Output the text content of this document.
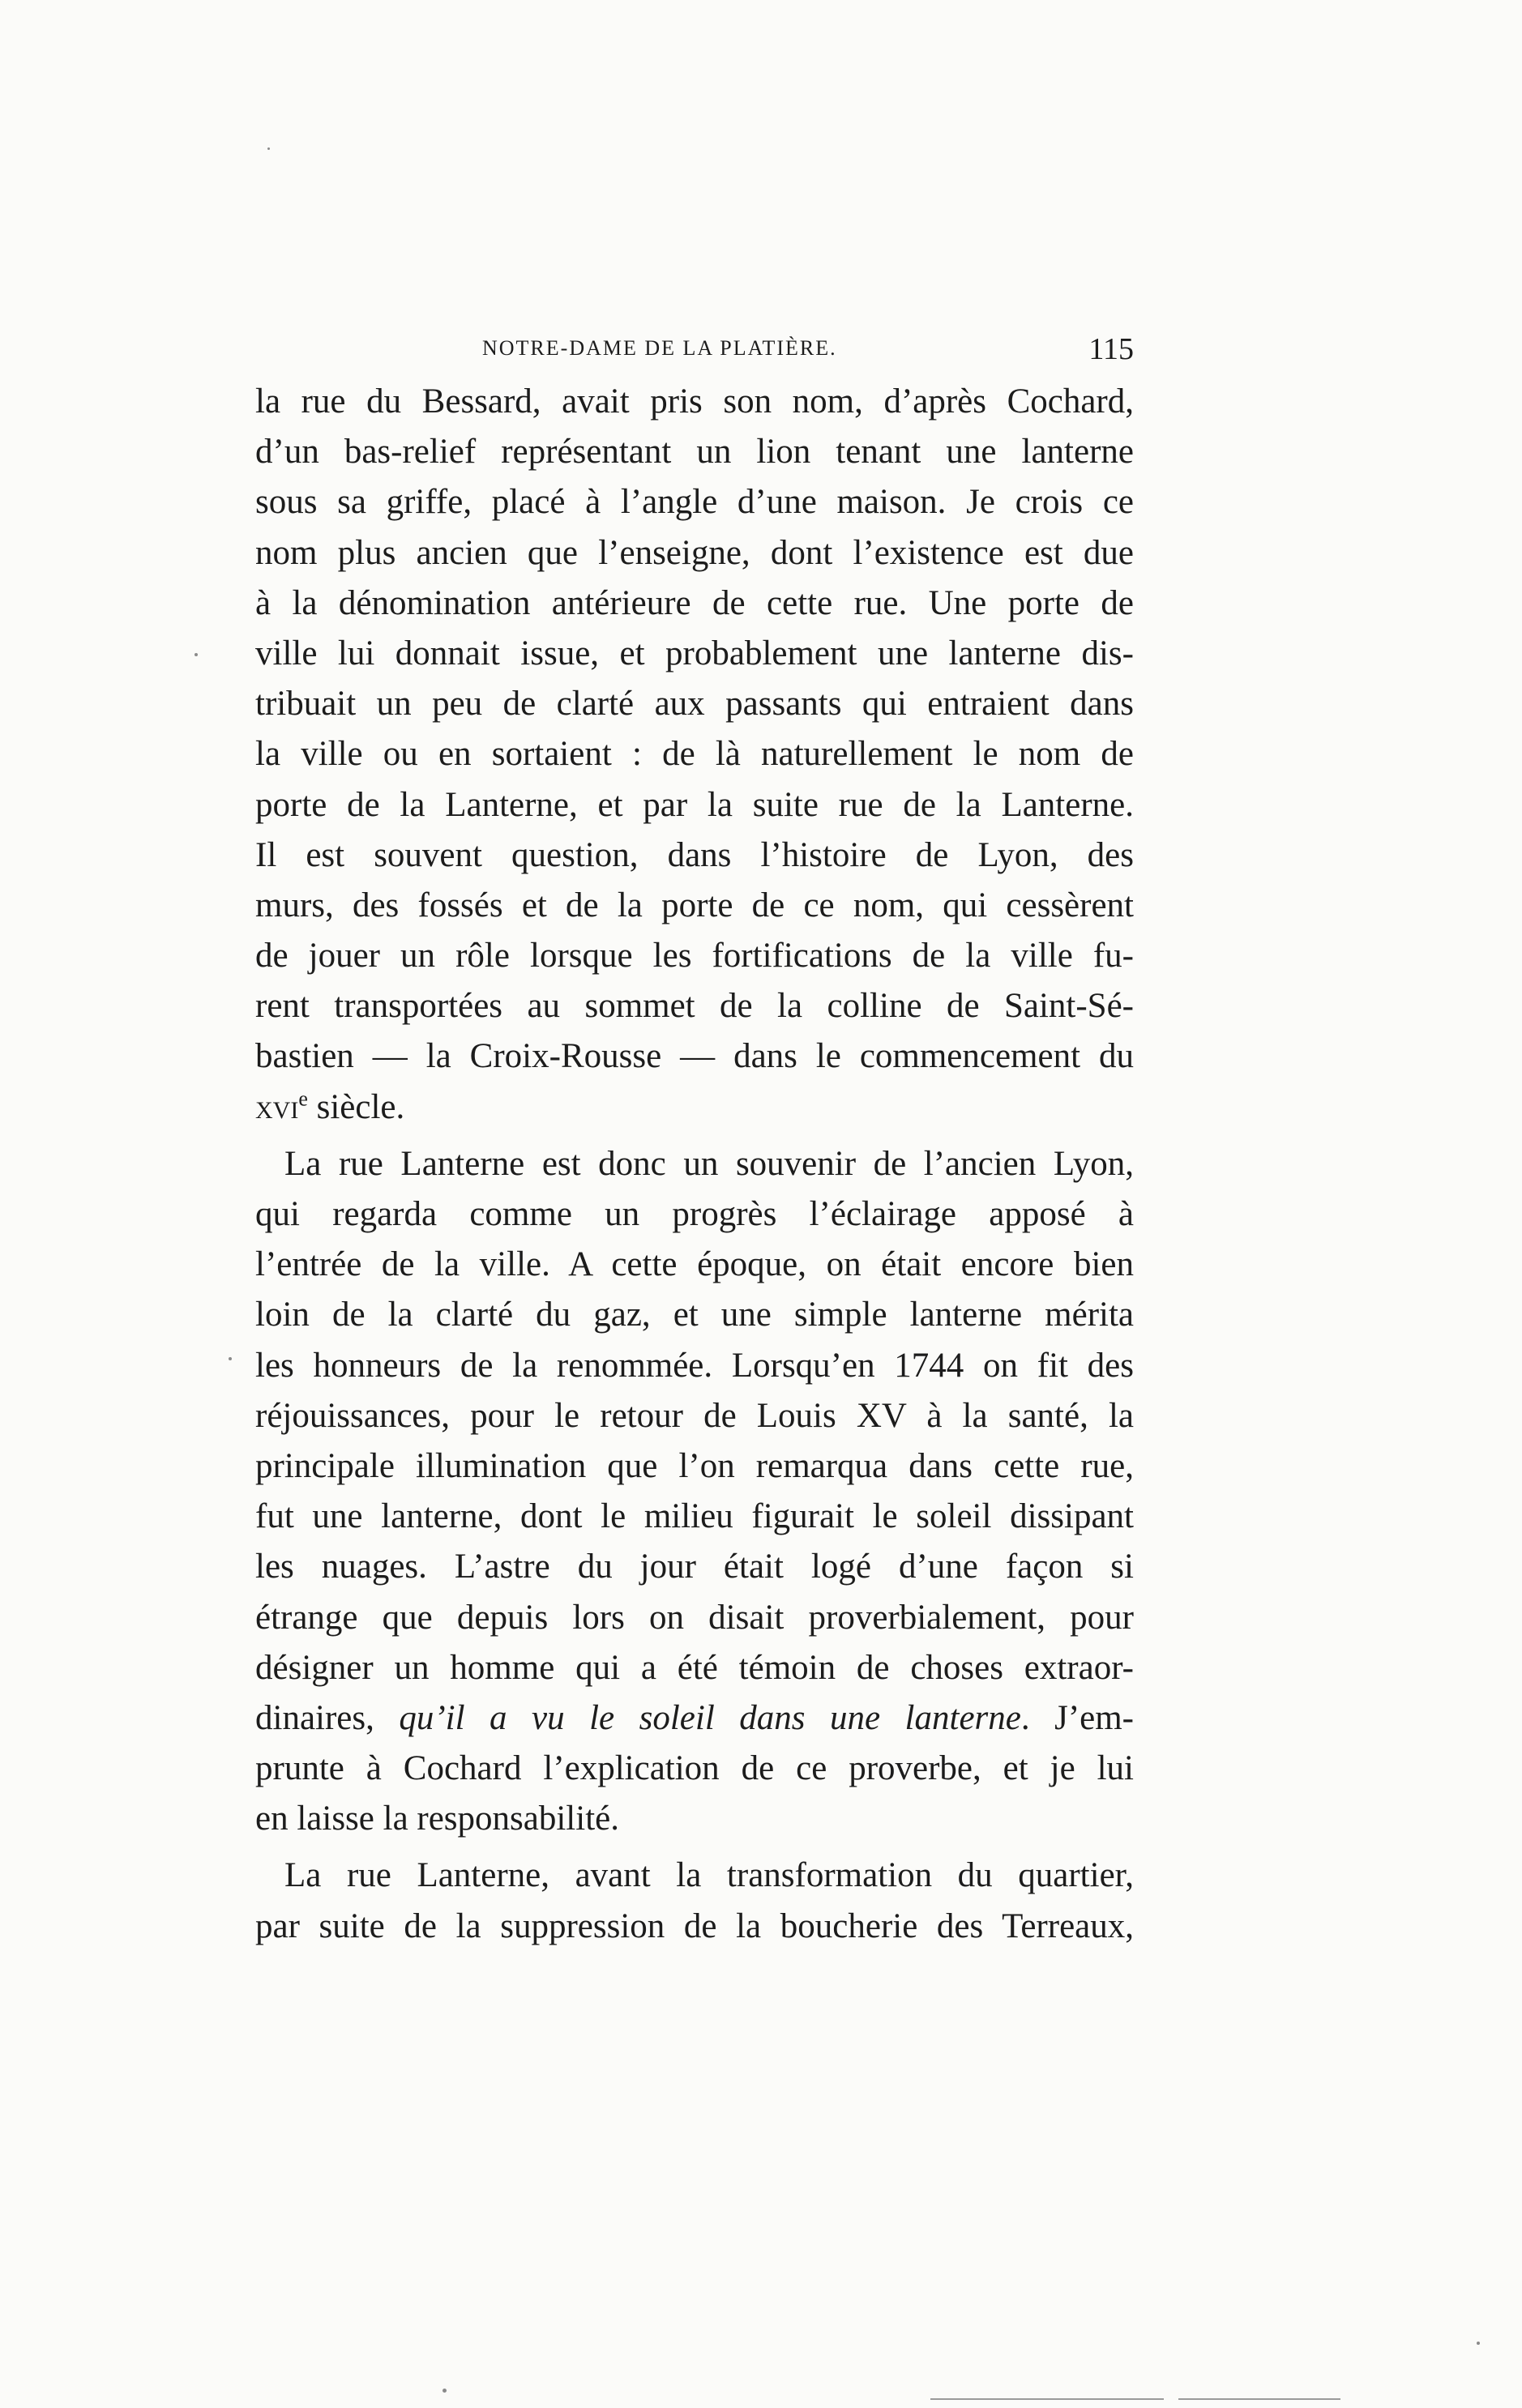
NOTRE-DAME DE LA PLATIÈRE.	115
la rue du Bessard, avait pris son nom, d’après Cochard,
d’un bas-relief représentant un lion tenant une lanterne
sous sa griffe, placé à l’angle d’une maison. Je crois ce
nom plus ancien que l’enseigne, dont l’existence est due
à la dénomination antérieure de cette rue. Une porte de
ville lui donnait issue, et probablement une lanterne dis-
tribuait un peu de clarté aux passants qui entraient dans
la ville ou en sortaient : de là naturellement le nom de
porte de la Lanterne, et par la suite rue de la Lanterne.
Il est souvent question, dans l’histoire de Lyon, des
murs, des fossés et de la porte de ce nom, qui cessèrent
de jouer un rôle lorsque les fortifications de la ville fu-
rent transportées au sommet de la colline de Saint-Sé-
bastien — la Croix-Rousse — dans le commencement du
xvi$^e$ siècle.
La rue Lanterne est donc un souvenir de l’ancien Lyon,
qui regarda comme un progrès l’éclairage apposé à
l’entrée de la ville. A cette époque, on était encore bien
loin de la clarté du gaz, et une simple lanterne mérita
les honneurs de la renommée. Lorsqu’en 1744 on fit des
réjouissances, pour le retour de Louis XV à la santé, la
principale illumination que l’on remarqua dans cette rue,
fut une lanterne, dont le milieu figurait le soleil dissipant
les nuages. L’astre du jour était logé d’une façon si
étrange que depuis lors on disait proverbialement, pour
désigner un homme qui a été témoin de choses extraor-
dinaires, qu’il a vu le soleil dans une lanterne. J’em-
prunte à Cochard l’explication de ce proverbe, et je lui
en laisse la responsabilité.
La rue Lanterne, avant la transformation du quartier,
par suite de la suppression de la boucherie des Terreaux,
